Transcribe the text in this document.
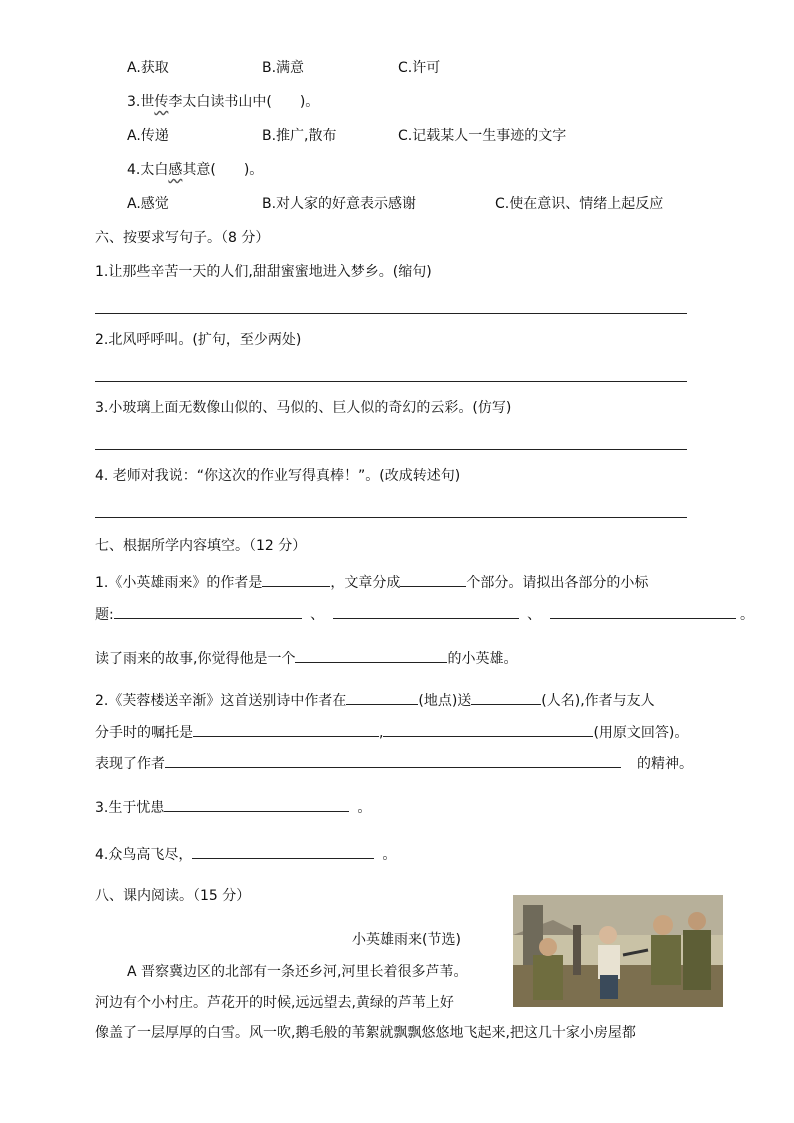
A.获取	B.满意	C.许可
3.世传李太白读书山中(　　)。
A.传递	B.推广,散布	C.记载某人一生事迹的文字
4.太白感其意(　　)。
A.感觉	B.对人家的好意表示感谢	C.使在意识、情绪上起反应
六、按要求写句子。（8 分）
1.让那些辛苦一天的人们,甜甜蜜蜜地进入梦乡。(缩句)
2.北风呼呼叫。(扩句，至少两处)
3.小玻璃上面无数像山似的、马似的、巨人似的奇幻的云彩。(仿写)
4. 老师对我说：“你这次的作业写得真棒！”。(改成转述句)
七、根据所学内容填空。（12 分）
1.《小英雄雨来》的作者是	，文章分成	个部分。请拟出各部分的小标
题:	、	、	。
读了雨来的故事,你觉得他是一个	的小英雄。
2.《芙蓉楼送辛渐》这首送别诗中作者在	(地点)送	(人名),作者与友人
分手时的嘱托是	,	(用原文回答)。
表现了作者	的精神。
3.生于忧患	。
4.众鸟高飞尽，	。
八、课内阅读。（15 分）
小英雄雨来(节选)
A 晋察冀边区的北部有一条还乡河,河里长着很多芦苇。
河边有个小村庄。芦花开的时候,远远望去,黄绿的芦苇上好
像盖了一层厚厚的白雪。风一吹,鹅毛般的苇絮就飘飘悠悠地飞起来,把这几十家小房屋都
